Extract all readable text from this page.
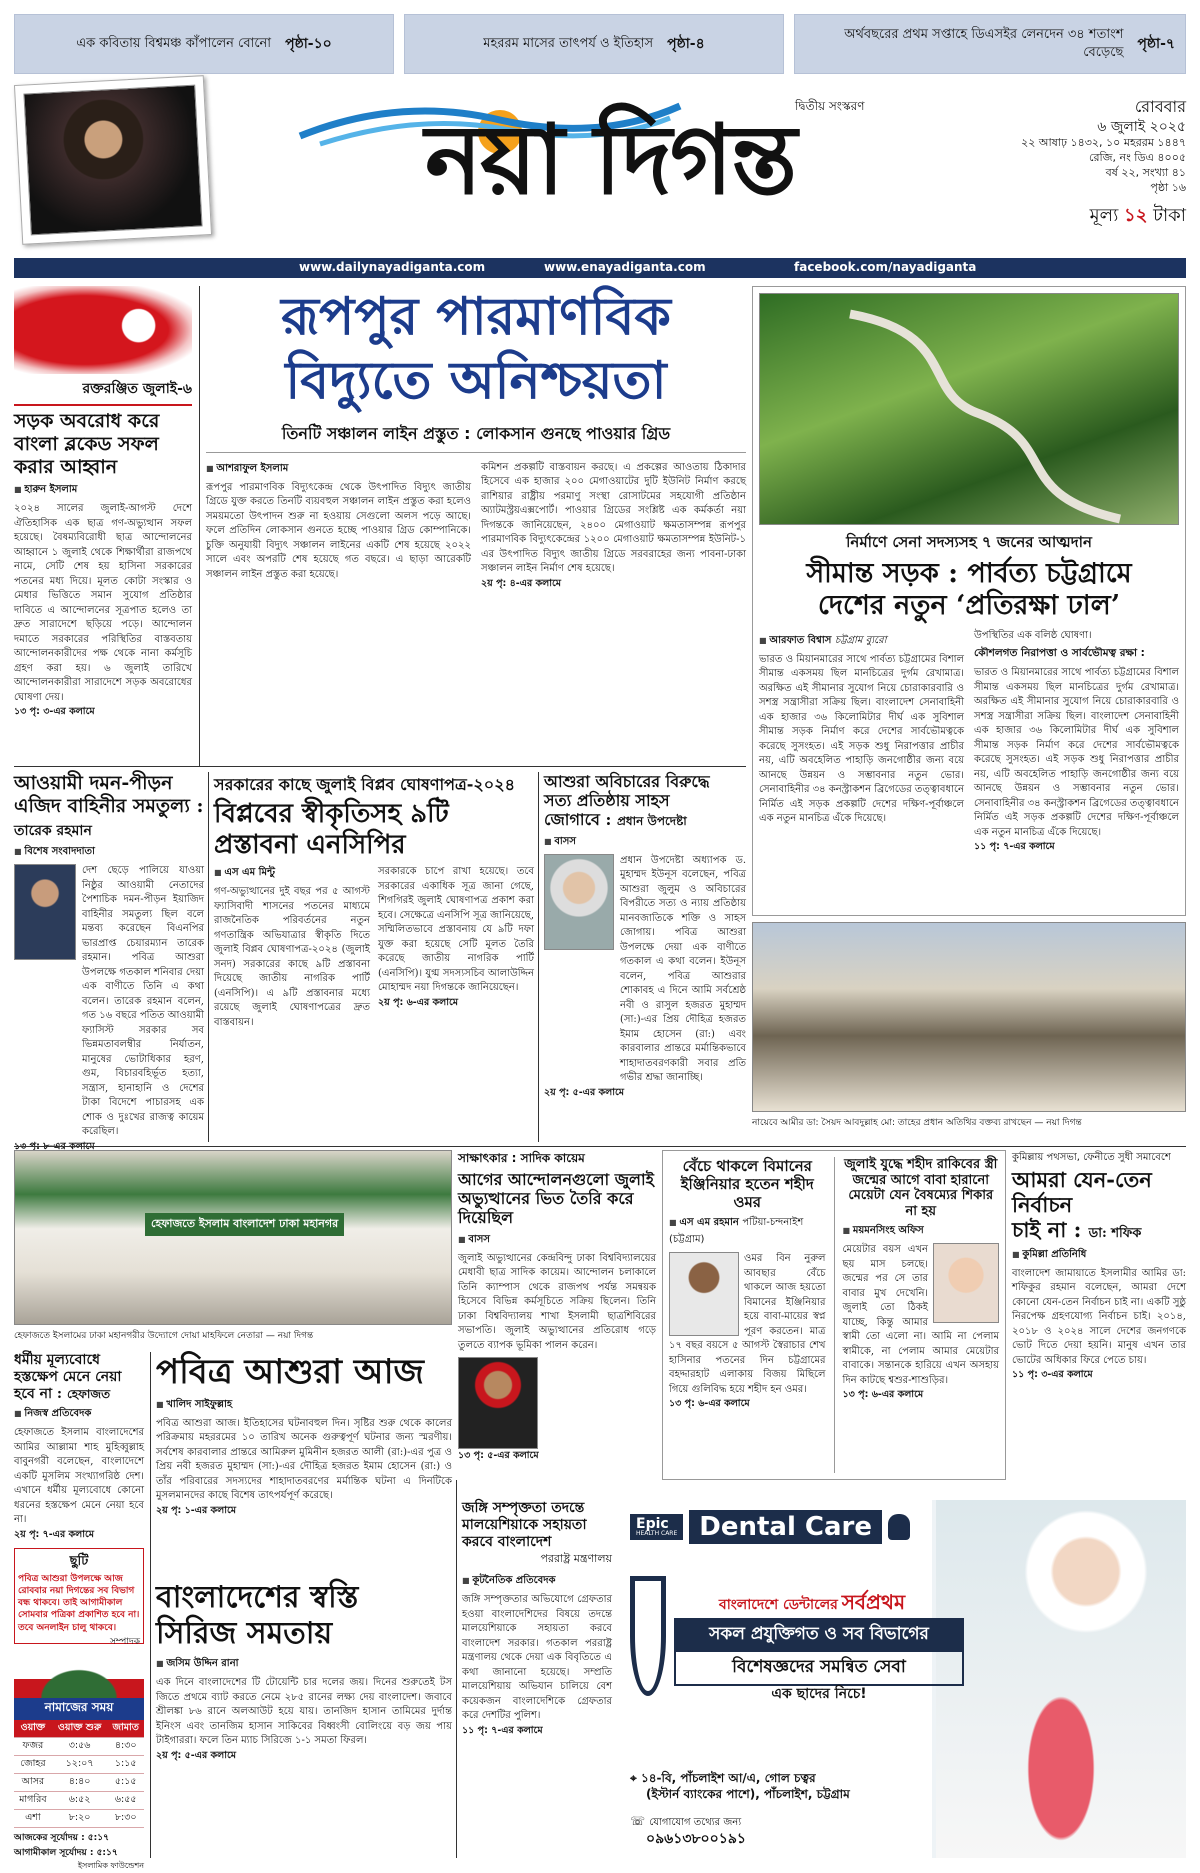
এক কবিতায় বিশ্বমঞ্চ কাঁপালেন বোনো পৃষ্ঠা-১০	মহররম মাসের তাৎপর্য ও ইতিহাস পৃষ্ঠা-৪
অর্থবছরের প্রথম সপ্তাহে ডিএসইর লেনদেন ৩৪ শতাংশ বেড়েছে
পৃষ্ঠা-৭
দ্বিতীয় সংস্করণ
নয়া দিগন্ত	রোববার
৬ জুলাই ২০২৫
২২ আষাঢ় ১৪৩২, ১০ মহররম ১৪৪৭
রেজি, নং ডিএ ৪০০৫
বর্ষ ২২, সংখ্যা ৪১
পৃষ্ঠা ১৬
মূল্য ১২ টাকা
www.dailynayadiganta.com	www.enayadiganta.com	facebook.com/nayadiganta
রক্তরঞ্জিত জুলাই-৬
সড়ক অবরোধ করে বাংলা ব্লকেড সফল করার আহ্বান
■ হারুন ইসলাম
২০২৪ সালের জুলাই-আগস্ট দেশে ঐতিহাসিক এক ছাত্র গণ-অভ্যুত্থান সফল হয়েছে। বৈষম্যবিরোধী ছাত্র আন্দোলনের আহ্বানে ১ জুলাই থেকে শিক্ষার্থীরা রাজপথে নামে, সেটি শেষ হয় হাসিনা সরকারের পতনের মধ্য দিয়ে। মূলত কোটা সংস্কার ও মেধার ভিত্তিতে সমান সুযোগ প্রতিষ্ঠার দাবিতে এ আন্দোলনের সূত্রপাত হলেও তা দ্রুত সারাদেশে ছড়িয়ে পড়ে। আন্দোলন দমাতে সরকারের পরিস্থিতির বাস্তবতায় আন্দোলনকারীদের পক্ষ থেকে নানা কর্মসূচি গ্রহণ করা হয়। ৬ জুলাই তারিখে আন্দোলনকারীরা সারাদেশে সড়ক অবরোধের ঘোষণা দেয়।
১৩ পৃ: ৩-এর কলামে
রূপপুর পারমাণবিক
বিদ্যুতে অনিশ্চয়তা
তিনটি সঞ্চালন লাইন প্রস্তুত : লোকসান গুনছে পাওয়ার গ্রিড
■ আশরাফুল ইসলাম
রূপপুর পারমাণবিক বিদ্যুৎকেন্দ্র থেকে উৎপাদিত বিদ্যুৎ জাতীয় গ্রিডে যুক্ত করতে তিনটি ব্যয়বহুল সঞ্চালন লাইন প্রস্তুত করা হলেও সময়মতো উৎপাদন শুরু না হওয়ায় সেগুলো অলস পড়ে আছে। ফলে প্রতিদিন লোকসান গুনতে হচ্ছে পাওয়ার গ্রিড কোম্পানিকে। চুক্তি অনুযায়ী বিদ্যুৎ সঞ্চালন লাইনের একটি শেষ হয়েছে ২০২২ সালে এবং অপরটি শেষ হয়েছে গত বছরে। এ ছাড়া আরেকটি সঞ্চালন লাইন প্রস্তুত করা হয়েছে।
কমিশন প্রকল্পটি বাস্তবায়ন করছে। এ প্রকল্পের আওতায় ঠিকাদার হিসেবে এক হাজার ২০০ মেগাওয়াটের দুটি ইউনিট নির্মাণ করছে রাশিয়ার রাষ্ট্রীয় পরমাণু সংস্থা রোসাটমের সহযোগী প্রতিষ্ঠান অ্যাটমস্ট্রয়এক্সপোর্ট। পাওয়ার গ্রিডের সংশ্লিষ্ট এক কর্মকর্তা নয়া দিগন্তকে জানিয়েছেন, ২৪০০ মেগাওয়াট ক্ষমতাসম্পন্ন রূপপুর পারমাণবিক বিদ্যুৎকেন্দ্রের ১২০০ মেগাওয়াট ক্ষমতাসম্পন্ন ইউনিট-১ এর উৎপাদিত বিদ্যুৎ জাতীয় গ্রিডে সরবরাহের জন্য পাবনা-ঢাকা সঞ্চালন লাইন নির্মাণ শেষ হয়েছে।
২য় পৃ: ৪-এর কলামে
নির্মাণে সেনা সদস্যসহ ৭ জনের আত্মদান
সীমান্ত সড়ক : পার্বত্য চট্টগ্রামে
দেশের নতুন ‘প্রতিরক্ষা ঢাল’
■ আরফাত বিশ্বাস চট্টগ্রাম ব্যুরো
ভারত ও মিয়ানমারের সাথে পার্বত্য চট্টগ্রামের বিশাল সীমান্ত একসময় ছিল মানচিত্রের দুর্গম রেখামাত্র। অরক্ষিত এই সীমানার সুযোগ নিয়ে চোরাকারবারি ও সশস্ত্র সন্ত্রাসীরা সক্রিয় ছিল। বাংলাদেশ সেনাবাহিনী এক হাজার ৩৬ কিলোমিটার দীর্ঘ এক সুবিশাল সীমান্ত সড়ক নির্মাণ করে দেশের সার্বভৌমত্বকে করেছে সুসংহত। এই সড়ক শুধু নিরাপত্তার প্রাচীর নয়, এটি অবহেলিত পাহাড়ি জনগোষ্ঠীর জন্য বয়ে আনছে উন্নয়ন ও সম্ভাবনার নতুন ভোর। সেনাবাহিনীর ৩৪ কনস্ট্রাকশন ব্রিগেডের তত্ত্বাবধানে নির্মিত এই সড়ক প্রকল্পটি দেশের দক্ষিণ-পূর্বাঞ্চলে এক নতুন মানচিত্র এঁকে দিয়েছে।
উপস্থিতির এক বলিষ্ঠ ঘোষণা।
কৌশলগত নিরাপত্তা ও সার্বভৌমত্ব রক্ষা :
ভারত ও মিয়ানমারের সাথে পার্বত্য চট্টগ্রামের বিশাল সীমান্ত একসময় ছিল মানচিত্রের দুর্গম রেখামাত্র। অরক্ষিত এই সীমানার সুযোগ নিয়ে চোরাকারবারি ও সশস্ত্র সন্ত্রাসীরা সক্রিয় ছিল। বাংলাদেশ সেনাবাহিনী এক হাজার ৩৬ কিলোমিটার দীর্ঘ এক সুবিশাল সীমান্ত সড়ক নির্মাণ করে দেশের সার্বভৌমত্বকে করেছে সুসংহত। এই সড়ক শুধু নিরাপত্তার প্রাচীর নয়, এটি অবহেলিত পাহাড়ি জনগোষ্ঠীর জন্য বয়ে আনছে উন্নয়ন ও সম্ভাবনার নতুন ভোর। সেনাবাহিনীর ৩৪ কনস্ট্রাকশন ব্রিগেডের তত্ত্বাবধানে নির্মিত এই সড়ক প্রকল্পটি দেশের দক্ষিণ-পূর্বাঞ্চলে এক নতুন মানচিত্র এঁকে দিয়েছে।
১১ পৃ: ৭-এর কলামে
আওয়ামী দমন-পীড়ন
এজিদ বাহিনীর সমতুল্য : তারেক রহমান
■ বিশেষ সংবাদদাতা
দেশ ছেড়ে পালিয়ে যাওয়া নিষ্ঠুর আওয়ামী নেতাদের পৈশাচিক দমন-পীড়ন ইয়াজিদ বাহিনীর সমতুল্য ছিল বলে মন্তব্য করেছেন বিএনপির ভারপ্রাপ্ত চেয়ারম্যান তারেক রহমান। পবিত্র আশুরা উপলক্ষে গতকাল শনিবার দেয়া এক বাণীতে তিনি এ কথা বলেন। তারেক রহমান বলেন, গত ১৬ বছরে পতিত আওয়ামী ফ্যাসিস্ট সরকার সব ভিন্নমতাবলম্বীর নির্যাতন, মানুষের ভোটাধিকার হরণ, গুম, বিচারবহির্ভূত হত্যা, সন্ত্রাস, হানাহানি ও দেশের টাকা বিদেশে পাচারসহ এক শোক ও দুঃখের রাজত্ব কায়েম করেছিল।
সরকারের কাছে জুলাই বিপ্লব ঘোষণাপত্র-২০২৪
বিপ্লবের স্বীকৃতিসহ ৯টি
প্রস্তাবনা এনসিপির
■ এস এম মিন্টু
গণ-অভ্যুত্থানের দুই বছর পর ৫ আগস্ট ফ্যাসিবাদী শাসনের পতনের মাধ্যমে রাজনৈতিক পরিবর্তনের নতুন গণতান্ত্রিক অভিযাত্রার স্বীকৃতি দিতে জুলাই বিপ্লব ঘোষণাপত্র-২০২৪ (জুলাই সনদ) সরকারের কাছে ৯টি প্রস্তাবনা দিয়েছে জাতীয় নাগরিক পার্টি (এনসিপি)। এ ৯টি প্রস্তাবনার মধ্যে রয়েছে জুলাই ঘোষণাপত্রের দ্রুত বাস্তবায়ন।
সরকারকে চাপে রাখা হয়েছে। তবে সরকারের একাধিক সূত্র জানা গেছে, শিগগিরই জুলাই ঘোষণাপত্র প্রকাশ করা হবে। সেক্ষেত্রে এনসিপি সূত্র জানিয়েছে, সম্মিলিতভাবে প্রস্তাবনায় যে ৯টি দফা যুক্ত করা হয়েছে সেটি মূলত তৈরি করেছে জাতীয় নাগরিক পার্টি (এনসিপি)। যুগ্ম সদস্যসচিব আলাউদ্দিন মোহাম্মদ নয়া দিগন্তকে জানিয়েছেন।
২য় পৃ: ৬-এর কলামে
আশুরা অবিচারের বিরুদ্ধে
সত্য প্রতিষ্ঠায় সাহস
জোগাবে : প্রধান উপদেষ্টা
■ বাসস
প্রধান উপদেষ্টা অধ্যাপক ড. মুহাম্মদ ইউনূস বলেছেন, পবিত্র আশুরা জুলুম ও অবিচারের বিপরীতে সত্য ও ন্যায় প্রতিষ্ঠায় মানবজাতিকে শক্তি ও সাহস জোগায়। পবিত্র আশুরা উপলক্ষে দেয়া এক বাণীতে গতকাল এ কথা বলেন। ইউনূস বলেন, পবিত্র আশুরার শোকাবহ এ দিনে আমি সর্বশ্রেষ্ঠ নবী ও রাসুল হজরত মুহাম্মদ (সা:)-এর প্রিয় দৌহিত্র হজরত ইমাম হোসেন (রা:) এবং কারবালার প্রান্তরে মর্মান্তিকভাবে শাহাদাতবরণকারী সবার প্রতি গভীর শ্রদ্ধা জানাচ্ছি।
২য় পৃ: ৫-এর কলামে
নায়েবে আমীর ডা: সৈয়দ আবদুল্লাহ মো: তাহের প্রধান অতিথির বক্তব্য রাখছেন — নয়া দিগন্ত
হেফাজতে ইসলাম বাংলাদেশ ঢাকা মহানগর
হেফাজতে ইসলামের ঢাকা মহানগরীর উদ্যোগে দোয়া মাহফিলে নেতারা — নয়া দিগন্ত
সাক্ষাৎকার : সাদিক কায়েম
আগের আন্দোলনগুলো জুলাই অভ্যুত্থানের ভিত তৈরি করে দিয়েছিল
■ বাসস
জুলাই অভ্যুত্থানের কেন্দ্রবিন্দু ঢাকা বিশ্ববিদ্যালয়ের মেধাবী ছাত্র সাদিক কায়েম। আন্দোলন চলাকালে তিনি ক্যাম্পাস থেকে রাজপথ পর্যন্ত সমন্বয়ক হিসেবে বিভিন্ন কর্মসূচিতে সক্রিয় ছিলেন। তিনি ঢাকা বিশ্ববিদ্যালয় শাখা ইসলামী ছাত্রশিবিরের সভাপতি। জুলাই অভ্যুত্থানের প্রতিরোধ গড়ে তুলতে ব্যাপক ভূমিকা পালন করেন।
১৩ পৃ: ৫-এর কলামে
বেঁচে থাকলে বিমানের ইঞ্জিনিয়ার হতেন শহীদ ওমর
■ এস এম রহমান পটিয়া-চন্দনাইশ (চট্টগ্রাম)
ওমর বিন নুরুল আবছার বেঁচে থাকলে আজ হয়তো বিমানের ইঞ্জিনিয়ার হয়ে বাবা-মায়ের স্বপ্ন পূরণ করতেন। মাত্র ১৭ বছর বয়সে ৫ আগস্ট স্বৈরাচার শেখ হাসিনার পতনের দিন চট্টগ্রামের বহদ্দারহাট এলাকায় বিজয় মিছিলে গিয়ে গুলিবিদ্ধ হয়ে শহীদ হন ওমর।
১৩ পৃ: ৬-এর কলামে
জুলাই যুদ্ধে শহীদ রাকিবের স্ত্রী জন্মের আগে বাবা হারানো মেয়েটা যেন বৈষম্যের শিকার না হয়
■ ময়মনসিংহ অফিস
মেয়েটার বয়স এখন ছয় মাস চলছে। জন্মের পর সে তার বাবার মুখ দেখেনি। জুলাই তো ঠিকই যাচ্ছে, কিন্তু আমার স্বামী তো এলো না। আমি না পেলাম স্বামীকে, না পেলাম আমার মেয়েটার বাবাকে। সন্তানকে হারিয়ে এখন অসহায় দিন কাটছে শ্বশুর-শাশুড়ির।
১৩ পৃ: ৬-এর কলামে
কুমিল্লায় পথসভা, ফেনীতে সুধী সমাবেশে
আমরা যেন-তেন নির্বাচন
চাই না : ডা: শফিক
■ কুমিল্লা প্রতিনিধি
বাংলাদেশ জামায়াতে ইসলামীর আমির ডা: শফিকুর রহমান বলেছেন, আমরা দেশে কোনো যেন-তেন নির্বাচন চাই না। একটি সুষ্ঠু নিরপেক্ষ গ্রহণযোগ্য নির্বাচন চাই। ২০১৪, ২০১৮ ও ২০২৪ সালে দেশের জনগণকে ভোট দিতে দেয়া হয়নি। মানুষ এখন তার ভোটের অধিকার ফিরে পেতে চায়।
১১ পৃ: ৩-এর কলামে
ধর্মীয় মূল্যবোধে হস্তক্ষেপ মেনে নেয়া হবে না : হেফাজত
■ নিজস্ব প্রতিবেদক
হেফাজতে ইসলাম বাংলাদেশের আমির আল্লামা শাহ মুহিব্বুল্লাহ বাবুনগরী বলেছেন, বাংলাদেশে একটি মুসলিম সংখ্যাগরিষ্ঠ দেশ। এখানে ধর্মীয় মূল্যবোধে কোনো ধরনের হস্তক্ষেপ মেনে নেয়া হবে না।
২য় পৃ: ৭-এর কলামে
ছুটি
পবিত্র আশুরা উপলক্ষে আজ রোববার নয়া দিগন্তের সব বিভাগ বন্ধ থাকবে। তাই আগামীকাল সোমবার পত্রিকা প্রকাশিত হবে না। তবে অনলাইন চালু থাকবে।
সম্পাদক
নামাজের সময়
ওয়াক্ত	ওয়াক্ত শুরু	জামাত
ফজর	৩:৫৬	৪:৩০
জোহর	১২:০৭	১:১৫
আসর	৪:৪০	৫:১৫
মাগরিব	৬:৫২	৬:৫৫
এশা	৮:২০	৮:৩০
আজকের সূর্যোদয় : ৫:১৭
আগামীকাল সূর্যোদয় : ৫:১৭
ইসলামিক ফাউন্ডেশন
পবিত্র আশুরা আজ
■ খালিদ সাইফুল্লাহ
পবিত্র আশুরা আজ। ইতিহাসের ঘটনাবহুল দিন। সৃষ্টির শুরু থেকে কালের পরিক্রমায় মহররমের ১০ তারিখ অনেক গুরুত্বপূর্ণ ঘটনার জন্য স্মরণীয়। সর্বশেষ কারবালার প্রান্তরে আমিরুল মুমিনীন হজরত আলী (রা:)-এর পুত্র ও প্রিয় নবী হজরত মুহাম্মদ (সা:)-এর দৌহিত্র হজরত ইমাম হোসেন (রা:) ও তাঁর পরিবারের সদস্যদের শাহাদাতবরণের মর্মান্তিক ঘটনা এ দিনটিকে মুসলমানদের কাছে বিশেষ তাৎপর্যপূর্ণ করেছে।
২য় পৃ: ১-এর কলামে
বাংলাদেশের স্বস্তি
সিরিজ সমতায়
■ জসিম উদ্দিন রানা
এক দিনে বাংলাদেশের টি টোয়েন্টি চার দলের জয়। দিনের শুরুতেই টস জিতে প্রথমে ব্যাট করতে নেমে ২৮৫ রানের লক্ষ্য দেয় বাংলাদেশ। জবাবে শ্রীলঙ্কা ৮৬ রানে অলআউট হয়ে যায়। তানজিদ হাসান তামিমের দুর্দান্ত ইনিংস এবং তানজিম হাসান সাকিবের বিধ্বংসী বোলিংয়ে বড় জয় পায় টাইগাররা। ফলে তিন ম্যাচ সিরিজে ১-১ সমতা ফিরল।
২য় পৃ: ৫-এর কলামে
জঙ্গি সম্পৃক্ততা তদন্তে মালয়েশিয়াকে সহায়তা করবে বাংলাদেশ
পররাষ্ট্র মন্ত্রণালয়
■ কূটনৈতিক প্রতিবেদক
জঙ্গি সম্পৃক্ততার অভিযোগে গ্রেফতার হওয়া বাংলাদেশিদের বিষয়ে তদন্তে মালয়েশিয়াকে সহায়তা করবে বাংলাদেশ সরকার। গতকাল পররাষ্ট্র মন্ত্রণালয় থেকে দেয়া এক বিবৃতিতে এ কথা জানানো হয়েছে। সম্প্রতি মালয়েশিয়ায় অভিযান চালিয়ে বেশ কয়েকজন বাংলাদেশিকে গ্রেফতার করে দেশটির পুলিশ।
১১ পৃ: ৭-এর কলামে
Epic
HEALTH CARE Dental Care
বাংলাদেশে ডেন্টালের সর্বপ্রথম
সকল প্রযুক্তিগত ও সব বিভাগের
বিশেষজ্ঞদের সমন্বিত সেবা
এক ছাদের নিচে!
⌖ ১৪-বি, পাঁচলাইশ আ/এ, গোল চত্বর
(ইস্টার্ন ব্যাংকের পাশে), পাঁচলাইশ, চট্টগ্রাম
☏ যোগাযোগ তথ্যের জন্য
০৯৬১৩৮০০১৯১
